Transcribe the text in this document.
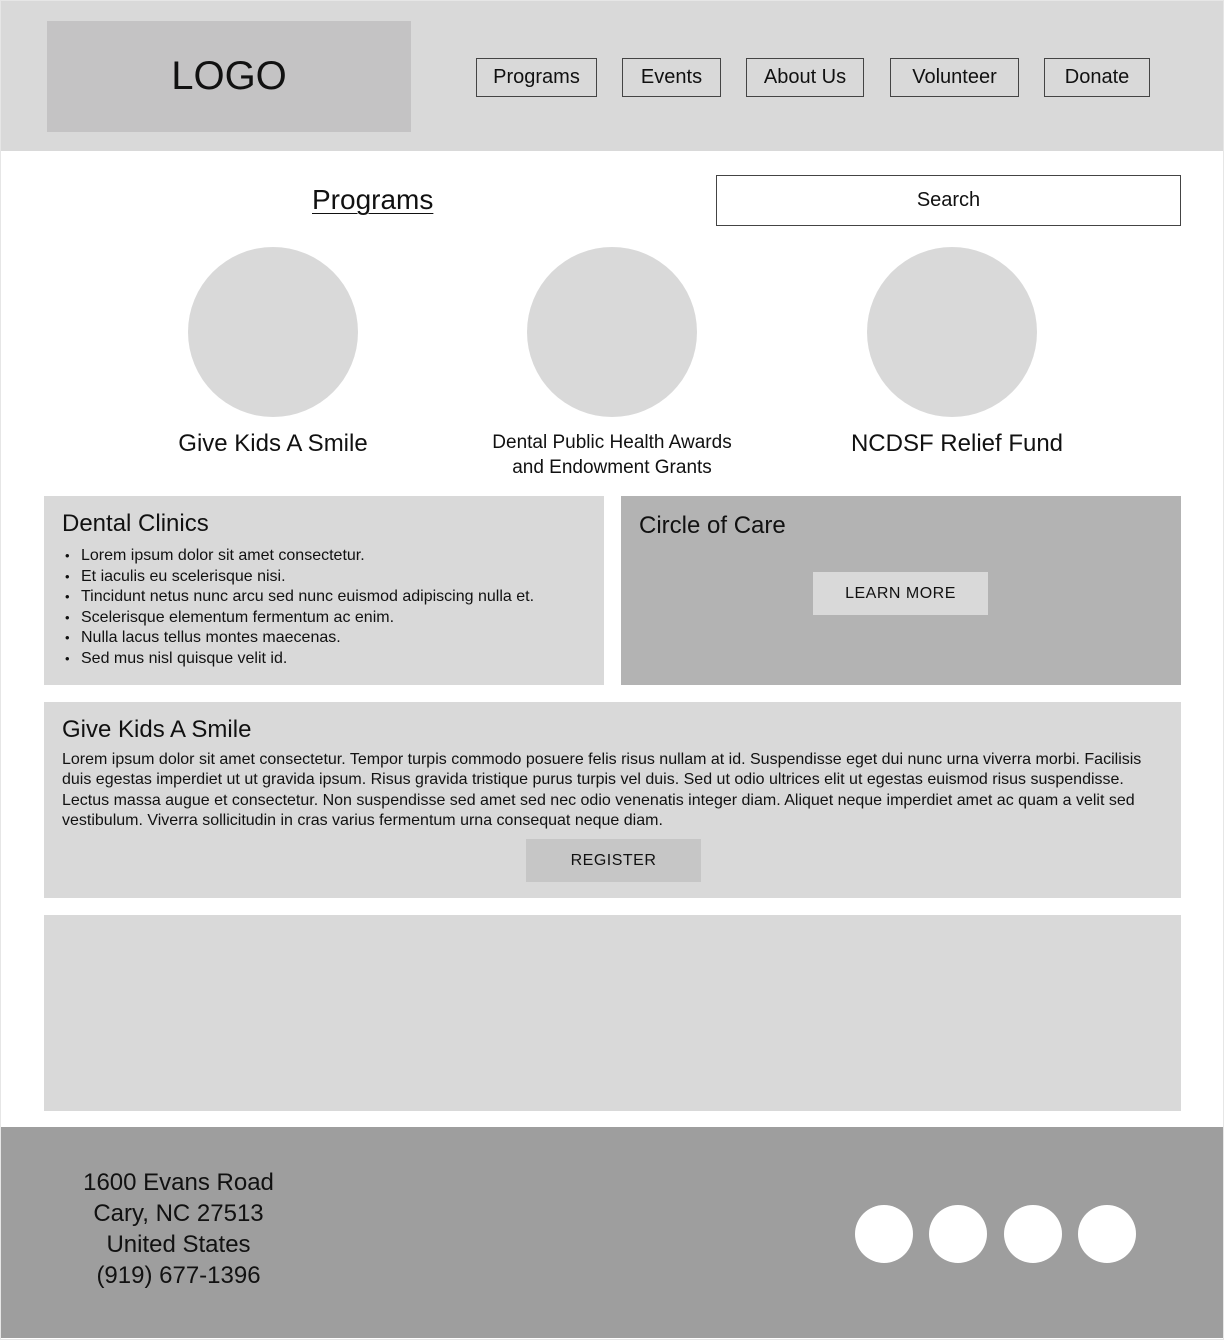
LOGO	Programs	Events	About Us	Volunteer	Donate
Programs
Search
Give Kids A Smile	Dental Public Health Awards and Endowment Grants
NCDSF Relief Fund
Dental Clinics
• Lorem ipsum dolor sit amet consectetur.
• Et iaculis eu scelerisque nisi.
• Tincidunt netus nunc arcu sed nunc euismod adipiscing nulla et.
• Scelerisque elementum fermentum ac enim.
• Nulla lacus tellus montes maecenas.
• Sed mus nisl quisque velit id.
Circle of Care
LEARN MORE
Give Kids A Smile

Lorem ipsum dolor sit amet consectetur. Tempor turpis commodo posuere felis risus nullam at id. Suspendisse eget dui nunc urna viverra morbi. Facilisis duis egestas imperdiet ut ut gravida ipsum. Risus gravida tristique purus turpis vel duis. Sed ut odio ultrices elit ut egestas euismod risus suspendisse. Lectus massa augue et consectetur. Non suspendisse sed amet sed nec odio venenatis integer diam. Aliquet neque imperdiet amet ac quam a velit sed vestibulum. Viverra sollicitudin in cras varius fermentum urna consequat neque diam.

REGISTER
1600 Evans Road
Cary, NC 27513
United States
(919) 677-1396
